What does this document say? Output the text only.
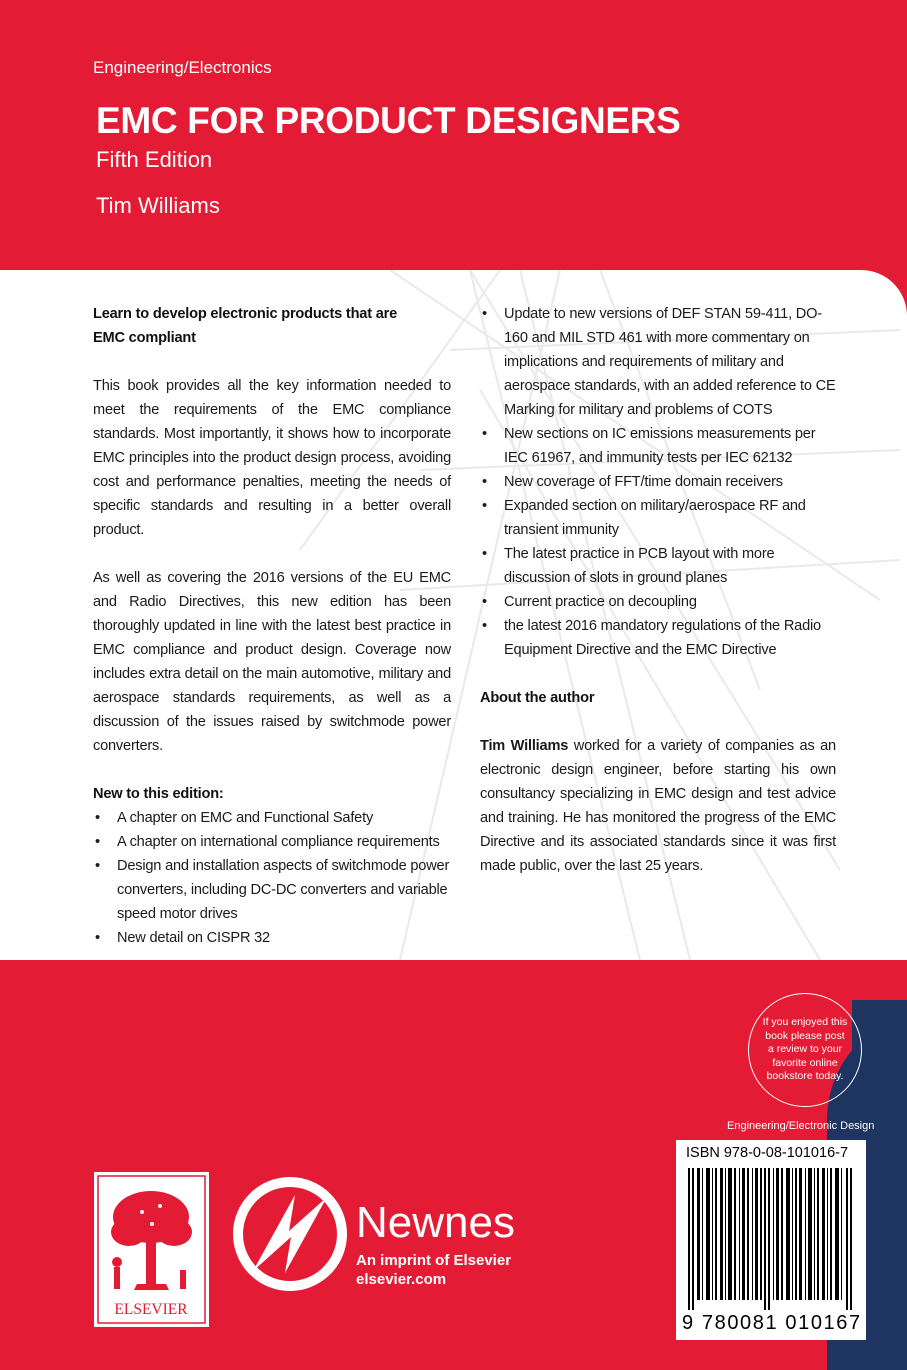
Engineering/Electronics
EMC FOR PRODUCT DESIGNERS
Fifth Edition
Tim Williams
Learn to develop electronic products that are
EMC compliant

This book provides all the key information needed to meet the requirements of the EMC compliance standards. Most importantly, it shows how to incorporate EMC principles into the product design process, avoiding cost and performance penalties, meeting the needs of specific standards and resulting in a better overall product.

As well as covering the 2016 versions of the EU EMC and Radio Directives, this new edition has been thoroughly updated in line with the latest best practice in EMC compliance and product design. Coverage now includes extra detail on the main automotive, military and aerospace standards requirements, as well as a discussion of the issues raised by switchmode power converters.

New to this edition:
• A chapter on EMC and Functional Safety
• A chapter on international compliance requirements
• Design and installation aspects of switchmode power converters, including DC-DC converters and variable speed motor drives
• New detail on CISPR 32
• Update to new versions of DEF STAN 59-411, DO-160 and MIL STD 461 with more commentary on implications and requirements of military and aerospace standards, with an added reference to CE Marking for military and problems of COTS
• New sections on IC emissions measurements per IEC 61967, and immunity tests per IEC 62132
• New coverage of FFT/time domain receivers
• Expanded section on military/aerospace RF and transient immunity
• The latest practice in PCB layout with more discussion of slots in ground planes
• Current practice on decoupling
• the latest 2016 mandatory regulations of the Radio Equipment Directive and the EMC Directive
About the author

Tim Williams worked for a variety of companies as an electronic design engineer, before starting his own consultancy specializing in EMC design and test advice and training. He has monitored the progress of the EMC Directive and its associated standards since it was first made public, over the last 25 years.

If you enjoyed this book please post a review to your favorite online bookstore today.
Engineering/Electronic Design
ISBN 978-0-08-101016-7
9 780081 010167
ELSEVIER
Newnes
An imprint of Elsevier
elsevier.com
